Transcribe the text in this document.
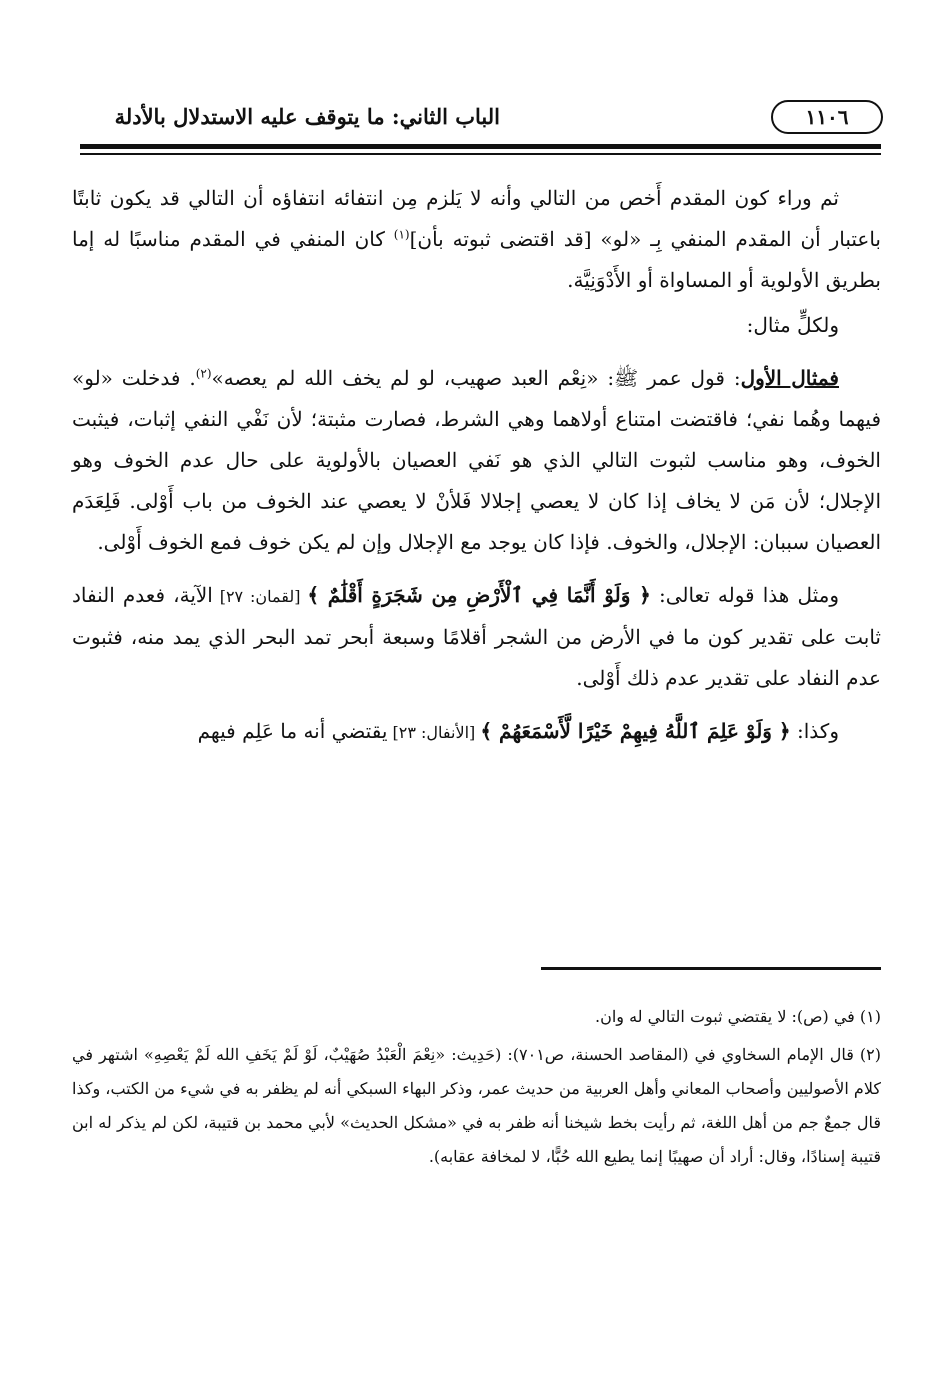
١١٠٦
الباب الثاني: ما يتوقف عليه الاستدلال بالأدلة

ثم وراء كون المقدم أَخص من التالي وأنه لا يَلزم مِن انتفائه انتفاؤه أن التالي قد يكون ثابتًا باعتبار أن المقدم المنفي بِـ «لو» [قد اقتضى ثبوته بأن]$^{(١)}$ كان المنفي في المقدم مناسبًا له إما بطريق الأولوية أو المساواة أو الأَدْوَنِيَّة.

ولكلٍّ مثال:

فمثال الأول: قول عمر ﷺ: «نِعْم العبد صهيب، لو لم يخف الله لم يعصه»$^{(٢)}$. فدخلت «لو» فيهما وهُما نفي؛ فاقتضت امتناع أولاهما وهي الشرط، فصارت مثبتة؛ لأن نَفْي النفي إثبات، فيثبت الخوف، وهو مناسب لثبوت التالي الذي هو نَفي العصيان بالأولوية على حال عدم الخوف وهو الإجلال؛ لأن مَن لا يخاف إذا كان لا يعصي إجلالا فَلأنْ لا يعصي عند الخوف من باب أَوْلى. فَلِعَدَم العصيان سببان: الإجلال، والخوف. فإذا كان يوجد مع الإجلال وإن لم يكن خوف فمع الخوف أَوْلى.

ومثل هذا قوله تعالى: ﴿ وَلَوْ أَنَّمَا فِي ٱلْأَرْضِ مِن شَجَرَةٍ أَقْلَٰمٌ ﴾ [لقمان: ٢٧] الآية، فعدم النفاد ثابت على تقدير كون ما في الأرض من الشجر أقلامًا وسبعة أبحر تمد البحر الذي يمد منه، فثبوت عدم النفاد على تقدير عدم ذلك أَوْلى.

وكذا: ﴿ وَلَوْ عَلِمَ ٱللَّهُ فِيهِمْ خَيْرًا لَّأَسْمَعَهُمْ ﴾ [الأنفال: ٢٣] يقتضي أنه ما عَلِم فيهم

(١) في (ص): لا يقتضي ثبوت التالي له وان.

(٢) قال الإمام السخاوي في (المقاصد الحسنة، ص٧٠١): (حَدِيث: «نِعْمَ الْعَبْدُ صُهَيْبٌ، لَوْ لَمْ يَخَفِ الله لَمْ يَعْصِهِ» اشتهر في كلام الأصوليين وأصحاب المعاني وأهل العربية من حديث عمر، وذكر البهاء السبكي أنه لم يظفر به في شيء من الكتب، وكذا قال جمعٌ جم من أهل اللغة، ثم رأيت بخط شيخنا أنه ظفر به في «مشكل الحديث» لأبي محمد بن قتيبة، لكن لم يذكر له ابن قتيبة إسنادًا، وقال: أراد أن صهيبًا إنما يطيع الله حُبًّا، لا لمخافة عقابه).
